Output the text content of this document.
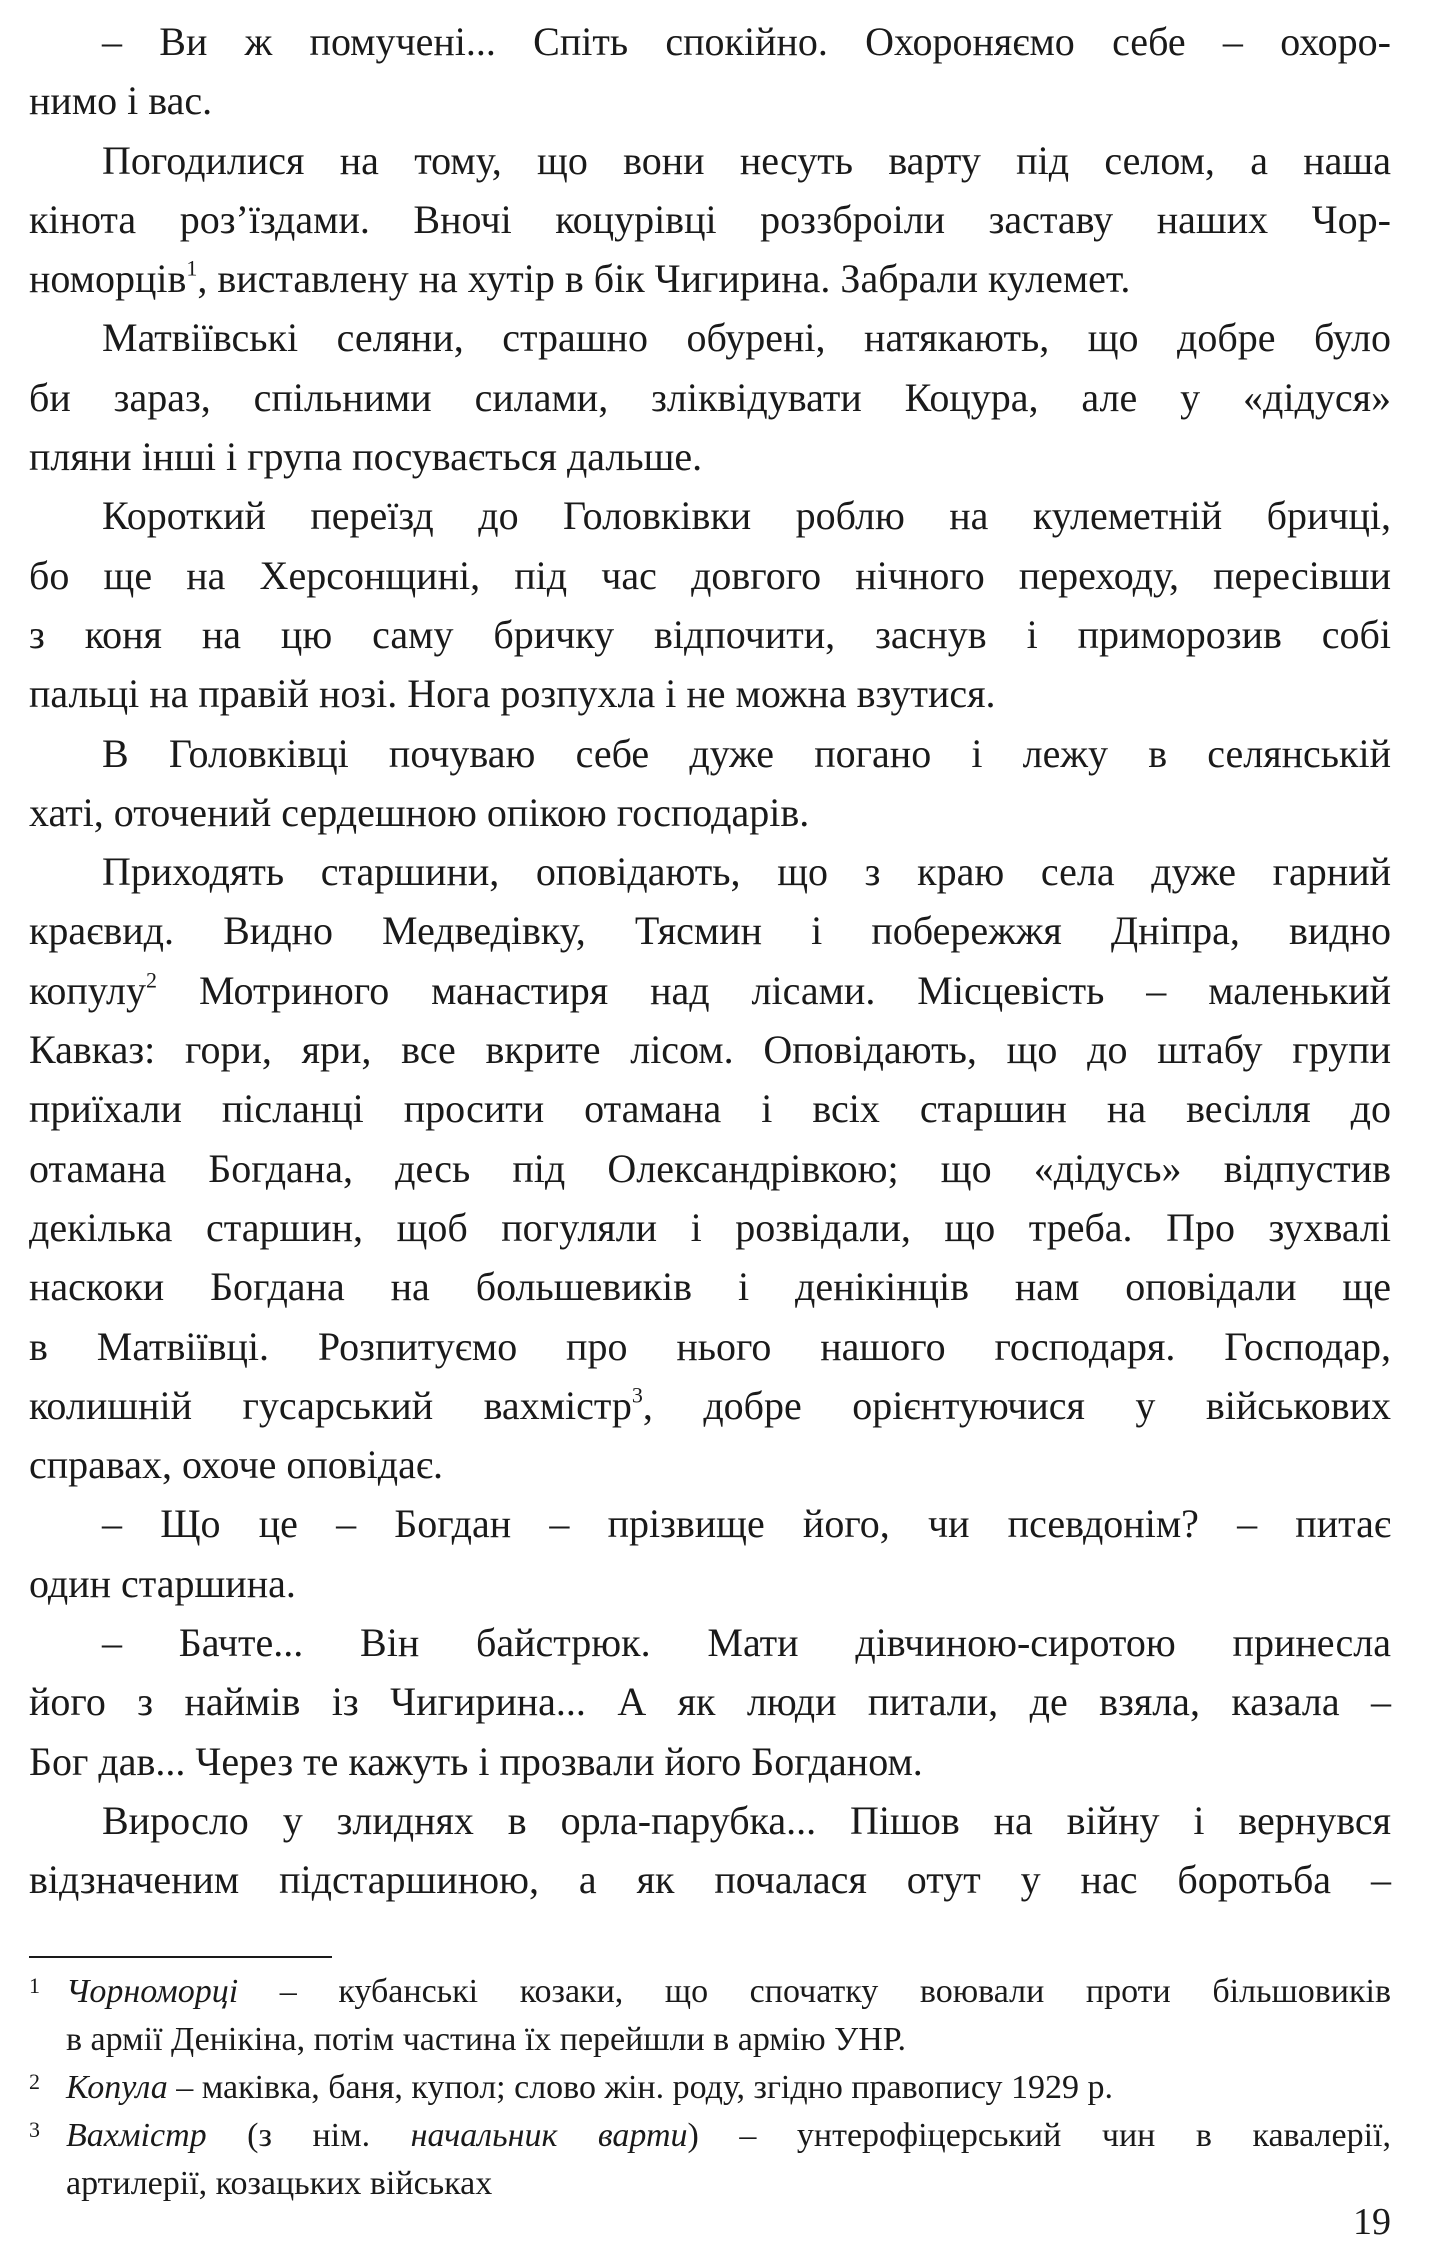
– Ви ж помучені... Спіть спокійно. Охороняємо себе – охоро-
нимо і вас.
Погодилися на тому, що вони несуть варту під селом, а наша
кінота роз’їздами. Вночі коцурівці роззброіли заставу наших Чор-
номорців$^1$, виставлену на хутір в бік Чигирина. Забрали кулемет.
Матвіївські селяни, страшно обурені, натякають, що добре було
би зараз, спільними силами, зліквідувати Коцура, але у «дідуся»
пляни інші і група посувається дальше.
Короткий переїзд до Головківки роблю на кулеметній бричці,
бо ще на Херсонщині, під час довгого нічного переходу, пересівши
з коня на цю саму бричку відпочити, заснув і приморозив собі
пальці на правій нозі. Нога розпухла і не можна взутися.
В Головківці почуваю себе дуже погано і лежу в селянській
хаті, оточений сердешною опікою господарів.
Приходять старшини, оповідають, що з краю села дуже гарний
краєвид. Видно Медведівку, Тясмин і побережжя Дніпра, видно
копулу$^2$ Мотриного манастиря над лісами. Місцевість – маленький
Кавказ: гори, яри, все вкрите лісом. Оповідають, що до штабу групи
приїхали післанці просити отамана і всіх старшин на весілля до
отамана Богдана, десь під Олександрівкою; що «дідусь» відпустив
декілька старшин, щоб погуляли і розвідали, що треба. Про зухвалі
наскоки Богдана на большевиків і денікінців нам оповідали ще
в Матвіївці. Розпитуємо про нього нашого господаря. Господар,
колишній гусарський вахмістр$^3$, добре орієнтуючися у військових
справах, охоче оповідає.
– Що це – Богдан – прізвище його, чи псевдонім? – питає
один старшина.
– Бачте... Він байстрюк. Мати дівчиною-сиротою принесла
його з наймів із Чигирина... А як люди питали, де взяла, казала –
Бог дав... Через те кажуть і прозвали його Богданом.
Виросло у злиднях в орла-парубка... Пішов на війну і вернувся
відзначеним підстаршиною, а як почалася отут у нас боротьба –
1 Чорноморці – кубанські козаки, що спочатку воювали проти більшовиків
в армії Денікіна, потім частина їх перейшли в армію УНР.
2 Копула – маківка, баня, купол; слово жін. роду, згідно правопису 1929 р.
3 Вахмістр (з нім. начальник варти) – унтерофіцерський чин в кавалерії,
артилерії, козацьких військах
19
